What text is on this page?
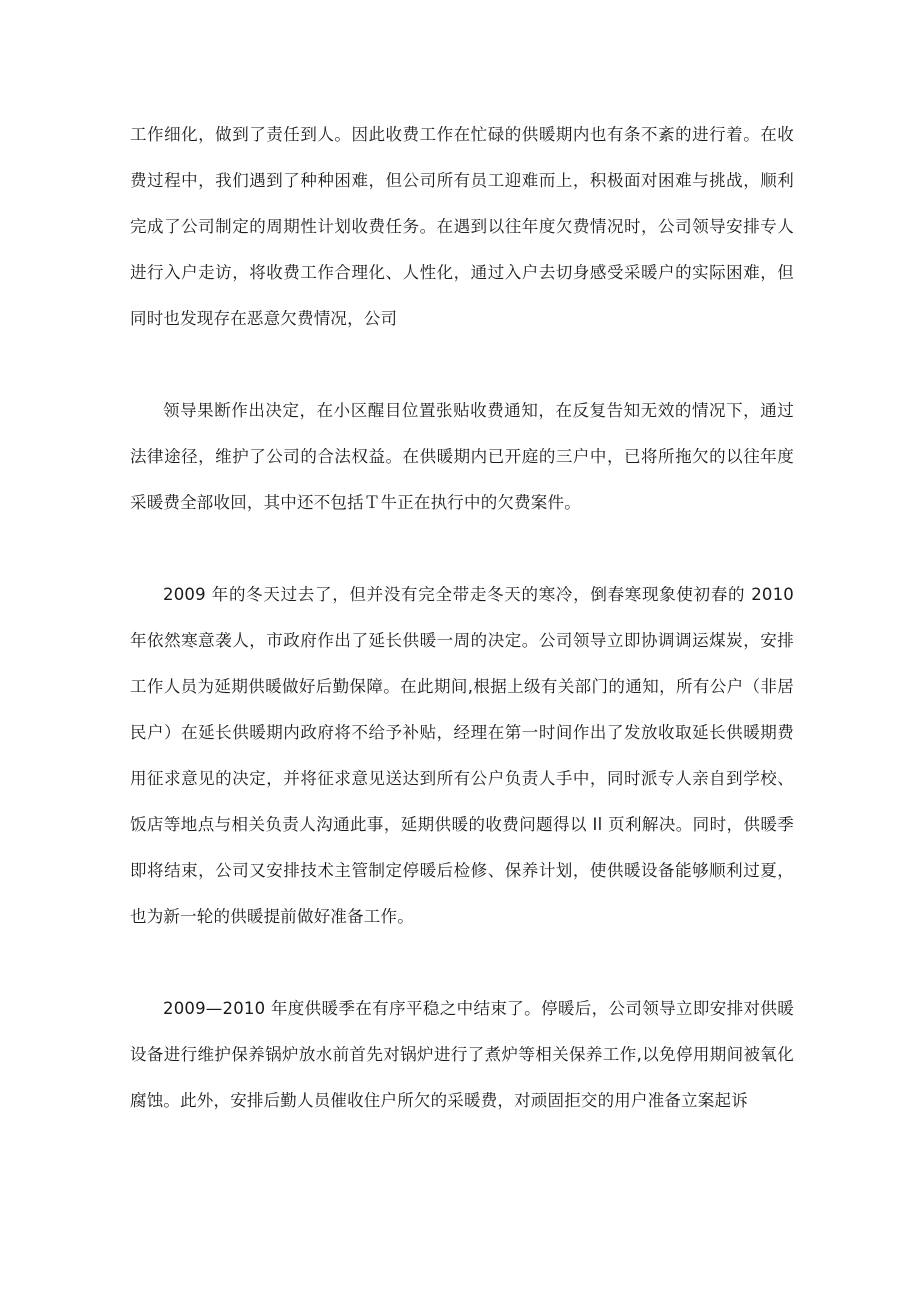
工作细化，做到了责任到人。因此收费工作在忙碌的供暖期内也有条不紊的进行着。在收费过程中，我们遇到了种种困难，但公司所有员工迎难而上，积极面对困难与挑战，顺利完成了公司制定的周期性计划收费任务。在遇到以往年度欠费情况时，公司领导安排专人进行入户走访，将收费工作合理化、人性化，通过入户去切身感受采暖户的实际困难，但同时也发现存在恶意欠费情况，公司

领导果断作出决定，在小区醒目位置张贴收费通知，在反复告知无效的情况下，通过法律途径，维护了公司的合法权益。在供暖期内已开庭的三户中，已将所拖欠的以往年度采暖费全部收回，其中还不包括Ｔ牛正在执行中的欠费案件。

2009 年的冬天过去了，但并没有完全带走冬天的寒冷，倒春寒现象使初春的 2010 年依然寒意袭人，市政府作出了延长供暖一周的决定。公司领导立即协调调运煤炭，安排工作人员为延期供暖做好后勤保障。在此期间,根据上级有关部门的通知，所有公户（非居民户）在延长供暖期内政府将不给予补贴，经理在第一时间作出了发放收取延长供暖期费用征求意见的决定，并将征求意见送达到所有公户负责人手中，同时派专人亲自到学校、饭店等地点与相关负责人沟通此事，延期供暖的收费问题得以 Il 页利解决。同时，供暖季即将结束，公司又安排技术主管制定停暖后检修、保养计划，使供暖设备能够顺利过夏，也为新一轮的供暖提前做好准备工作。

2009—2010 年度供暖季在有序平稳之中结束了。停暖后，公司领导立即安排对供暖设备进行维护保养锅炉放水前首先对锅炉进行了煮炉等相关保养工作,以免停用期间被氧化腐蚀。此外，安排后勤人员催收住户所欠的采暖费，对顽固拒交的用户准备立案起诉
